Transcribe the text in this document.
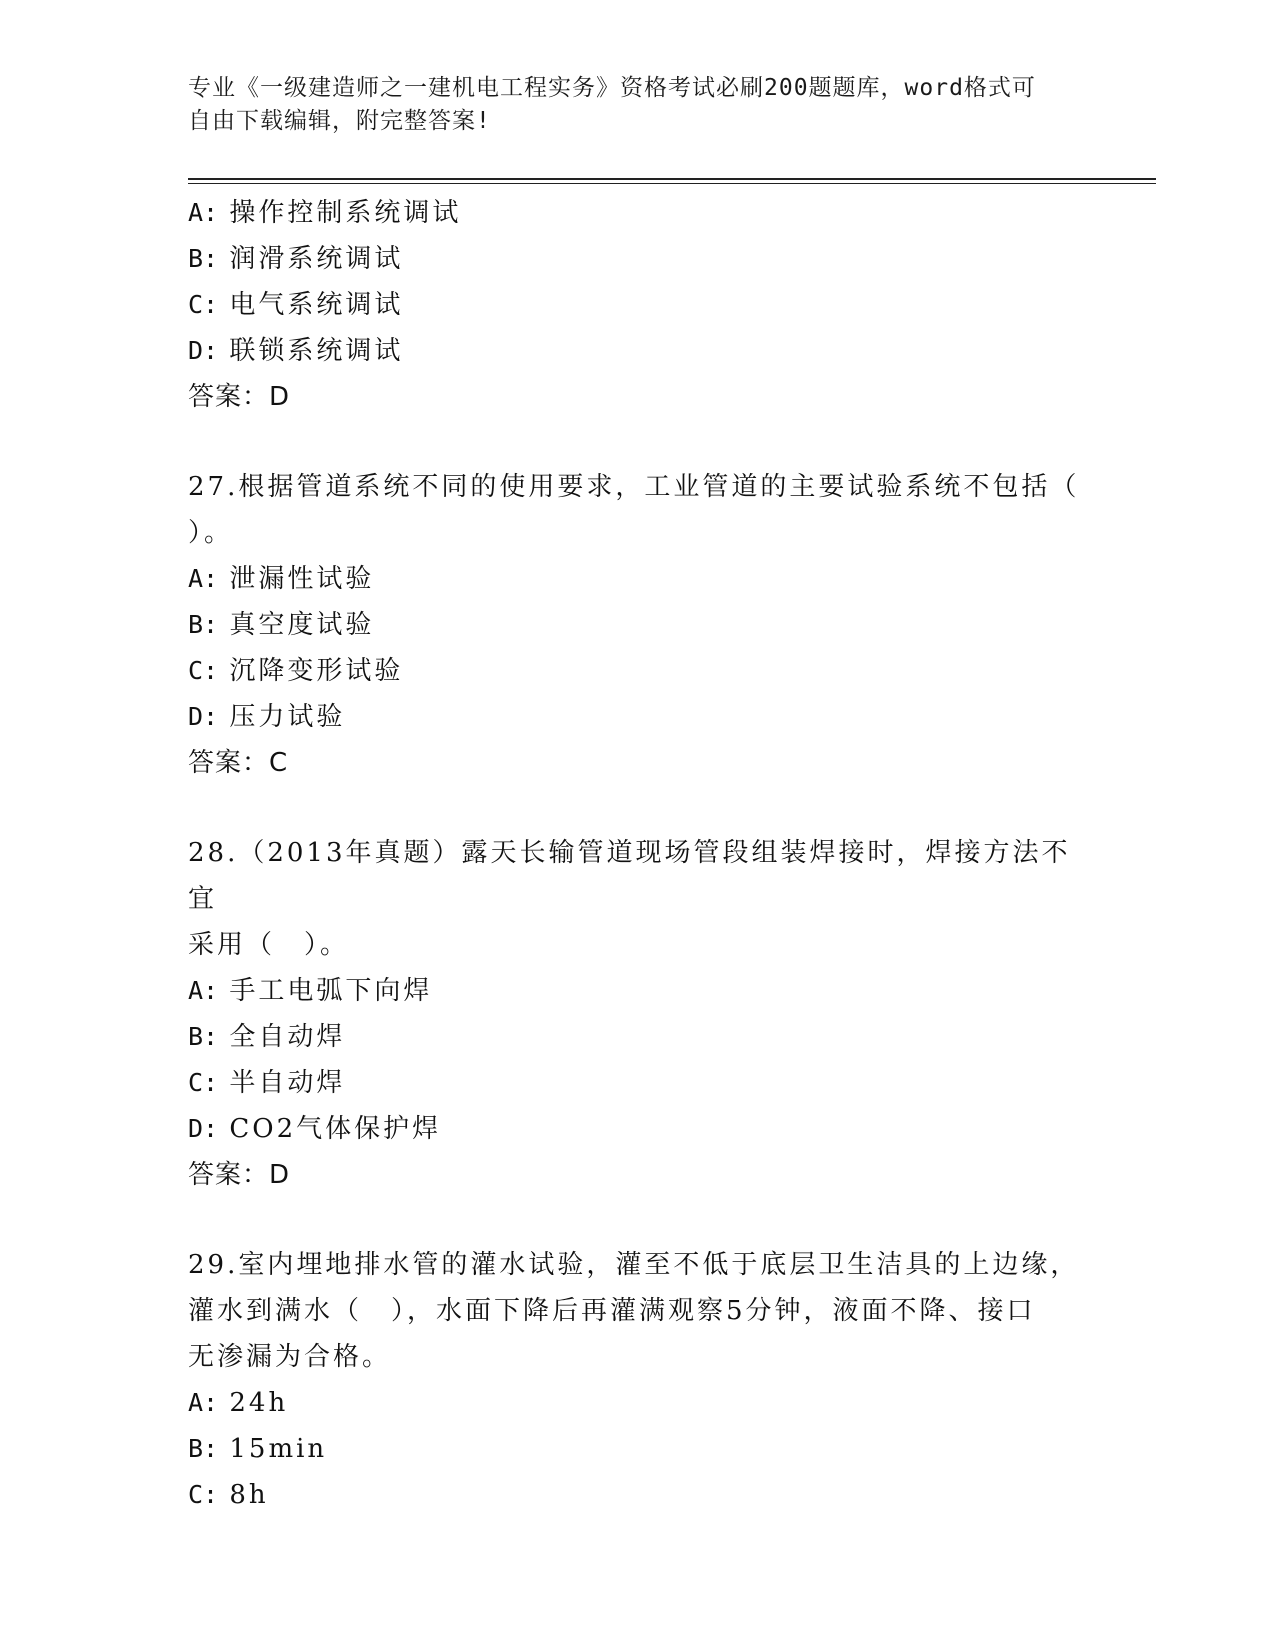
专业《一级建造师之一建机电工程实务》资格考试必刷200题题库，word格式可
自由下载编辑，附完整答案!
A: 操作控制系统调试
B: 润滑系统调试
C: 电气系统调试
D: 联锁系统调试
答案：D
27.根据管道系统不同的使用要求，工业管道的主要试验系统不包括（
）。
A: 泄漏性试验
B: 真空度试验
C: 沉降变形试验
D: 压力试验
答案：C
28.（2013年真题）露天长输管道现场管段组装焊接时，焊接方法不宜
采用（　）。
A: 手工电弧下向焊
B: 全自动焊
C: 半自动焊
D: CO2气体保护焊
答案：D
29.室内埋地排水管的灌水试验，灌至不低于底层卫生洁具的上边缘，
灌水到满水（　），水面下降后再灌满观察5分钟，液面不降、接口
无渗漏为合格。
A: 24h
B: 15min
C: 8h
